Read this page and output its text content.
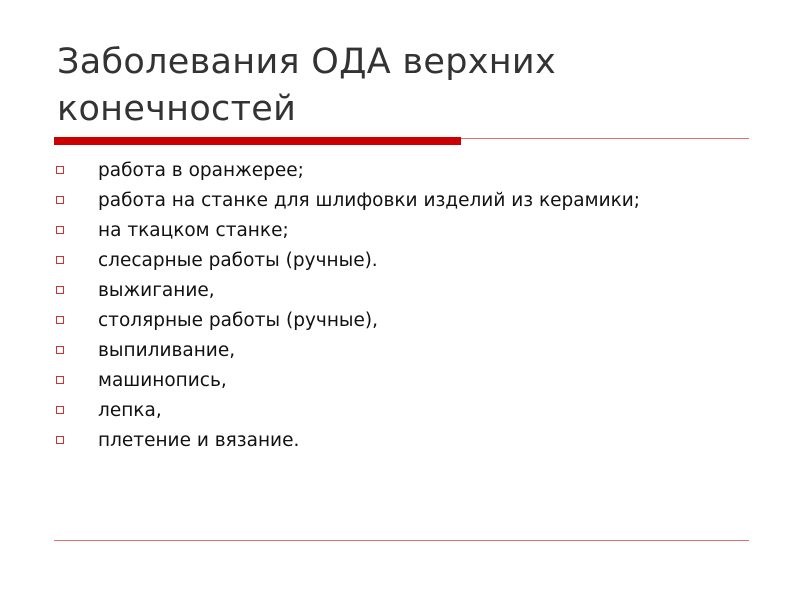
Заболевания ОДА верхних конечностей
работа в оранжерее;
работа на станке для шлифовки изделий из керамики;
на ткацком станке;
слесарные работы (ручные).
выжигание,
столярные работы (ручные),
выпиливание,
машинопись,
лепка,
плетение и вязание.
